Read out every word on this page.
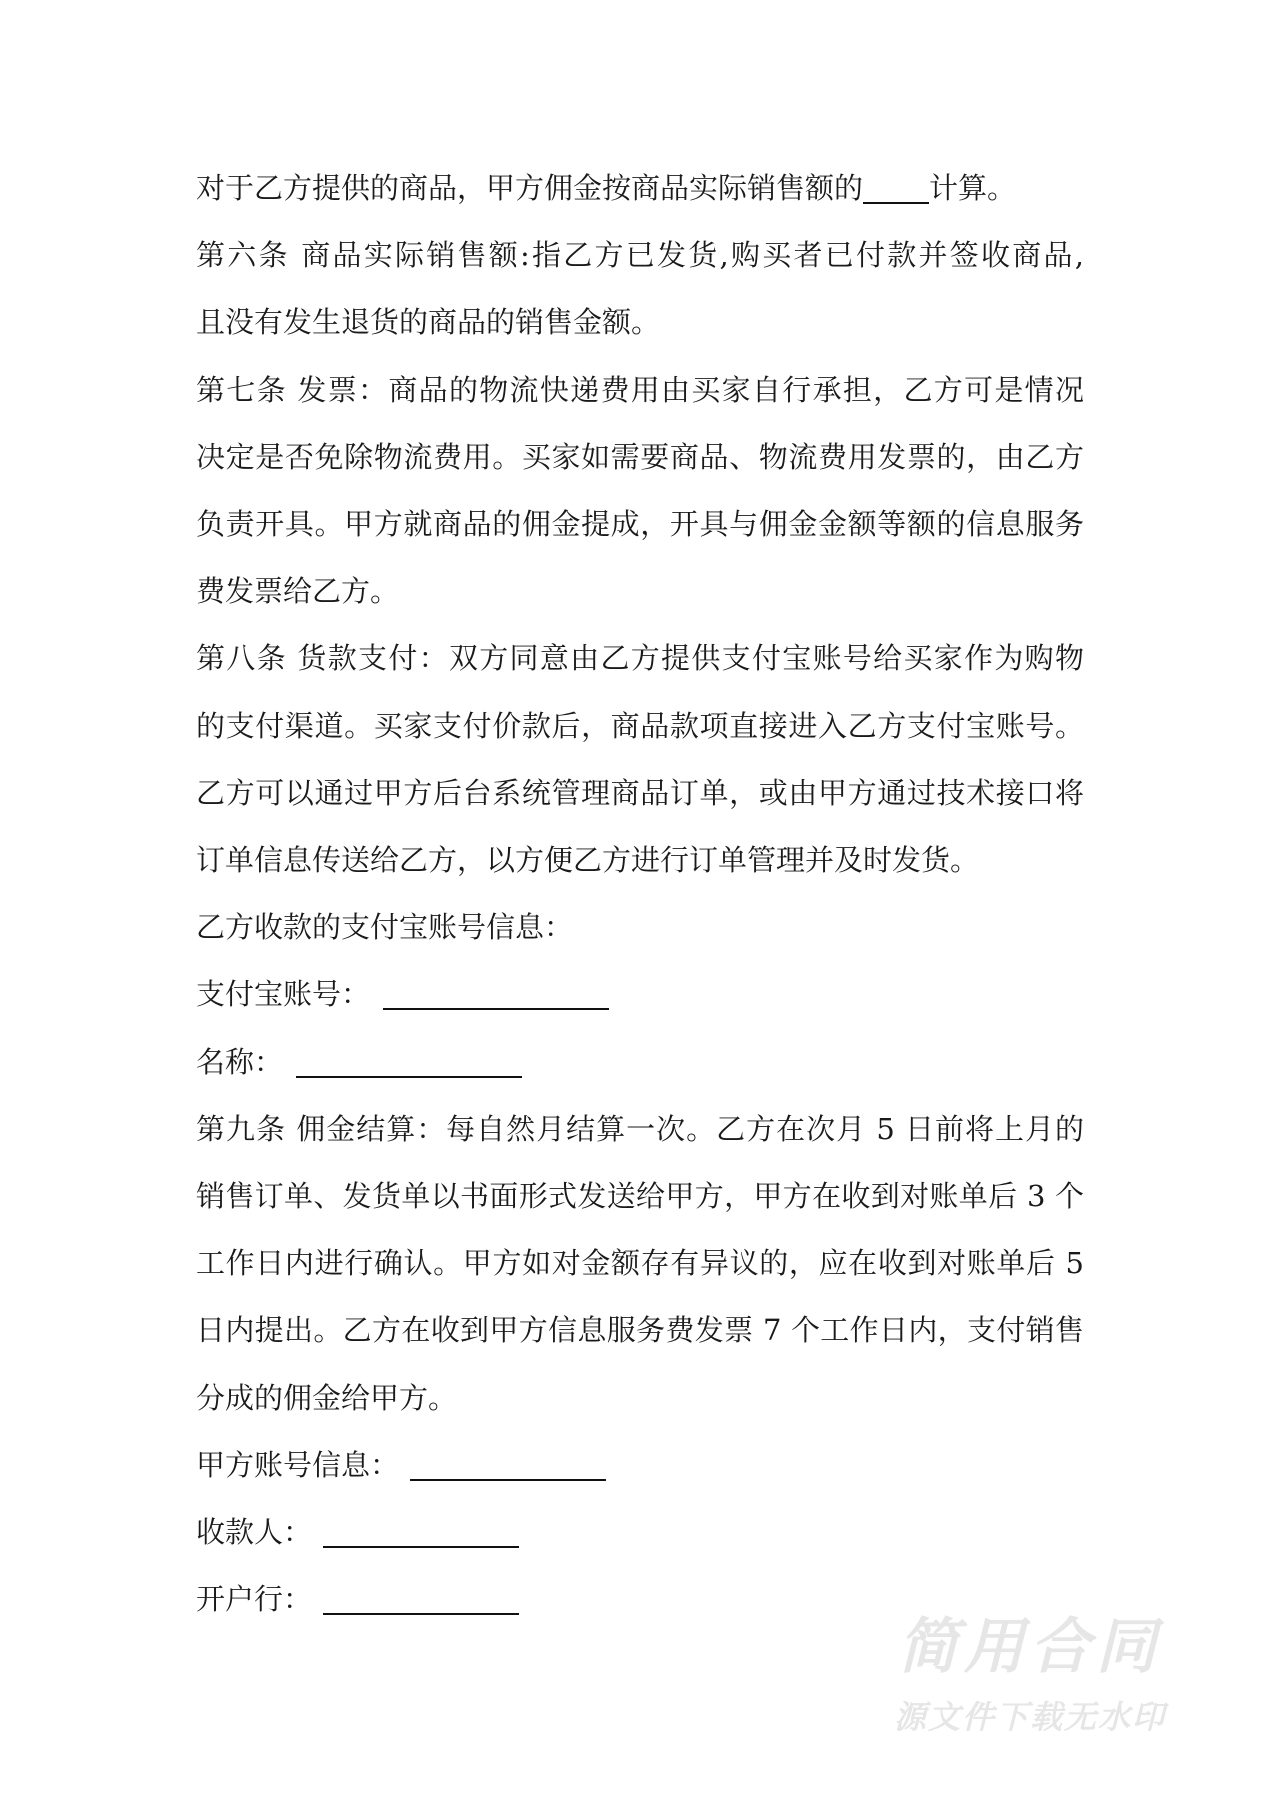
对于乙方提供的商品，甲方佣金按商品实际销售额的 计算。
第六条 商品实际销售额:指乙方已发货,购买者已付款并签收商品,
且没有发生退货的商品的销售金额。
第七条 发票：商品的物流快递费用由买家自行承担，乙方可是情况
决定是否免除物流费用。买家如需要商品、物流费用发票的，由乙方
负责开具。甲方就商品的佣金提成，开具与佣金金额等额的信息服务
费发票给乙方。
第八条 货款支付：双方同意由乙方提供支付宝账号给买家作为购物
的支付渠道。买家支付价款后，商品款项直接进入乙方支付宝账号。
乙方可以通过甲方后台系统管理商品订单，或由甲方通过技术接口将
订单信息传送给乙方，以方便乙方进行订单管理并及时发货。
乙方收款的支付宝账号信息：
支付宝账号：
名称：
第九条 佣金结算：每自然月结算一次。乙方在次月 5 日前将上月的
销售订单、发货单以书面形式发送给甲方，甲方在收到对账单后 3 个
工作日内进行确认。甲方如对金额存有异议的，应在收到对账单后 5
日内提出。乙方在收到甲方信息服务费发票 7 个工作日内，支付销售
分成的佣金给甲方。
甲方账号信息：
收款人：
开户行：
简用合同
源文件下载无水印
